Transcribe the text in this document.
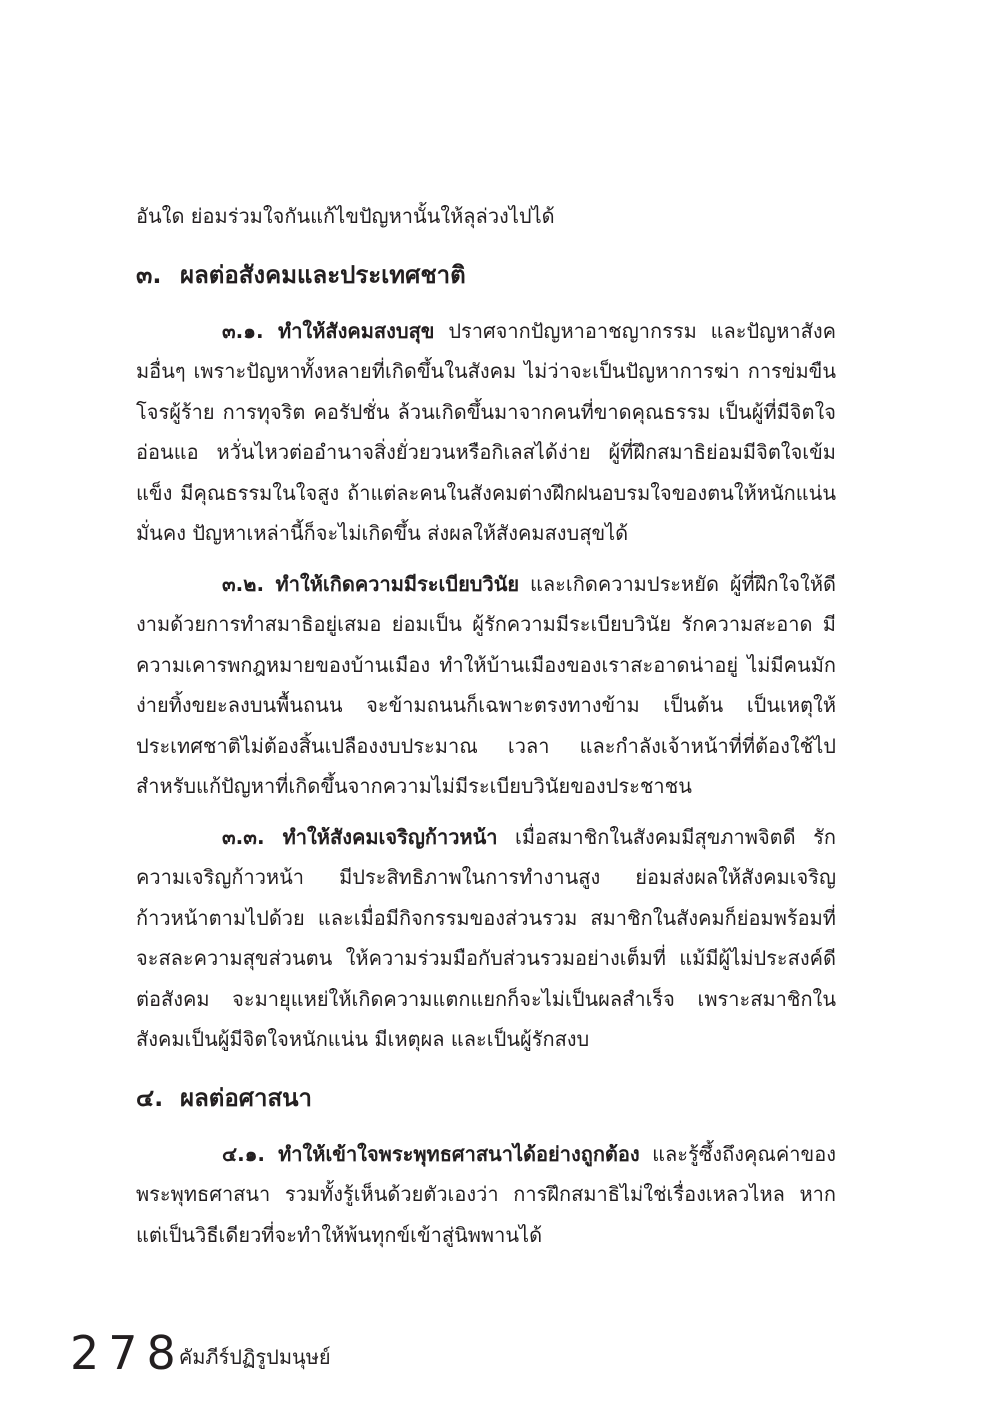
อันใด ย่อมร่วมใจกันแก้ไขปัญหานั้นให้ลุล่วงไปได้

๓. ผลต่อสังคมและประเทศชาติ

๓.๑. ทำให้สังคมสงบสุข ปราศจากปัญหาอาชญากรรม และปัญหาสังคมอื่นๆ เพราะปัญหาทั้งหลายที่เกิดขึ้นในสังคม ไม่ว่าจะเป็นปัญหาการฆ่า การข่มขืน โจรผู้ร้าย การทุจริต คอรัปชั่น ล้วนเกิดขึ้นมาจากคนที่ขาดคุณธรรม เป็นผู้ที่มีจิตใจอ่อนแอ หวั่นไหวต่ออำนาจสิ่งยั่วยวนหรือกิเลสได้ง่าย ผู้ที่ฝึกสมาธิย่อมมีจิตใจเข้มแข็ง มีคุณธรรมในใจสูง ถ้าแต่ละคนในสังคมต่างฝึกฝนอบรมใจของตนให้หนักแน่น มั่นคง ปัญหาเหล่านี้ก็จะไม่เกิดขึ้น ส่งผลให้สังคมสงบสุขได้

๓.๒. ทำให้เกิดความมีระเบียบวินัย และเกิดความประหยัด ผู้ที่ฝึกใจให้ดีงามด้วยการทำสมาธิอยู่เสมอ ย่อมเป็น ผู้รักความมีระเบียบวินัย รักความสะอาด มีความเคารพกฎหมายของบ้านเมือง ทำให้บ้านเมืองของเราสะอาดน่าอยู่ ไม่มีคนมักง่ายทิ้งขยะลงบนพื้นถนน จะข้ามถนนก็เฉพาะตรงทางข้าม เป็นต้น เป็นเหตุให้ประเทศชาติไม่ต้องสิ้นเปลืองงบประมาณ เวลา และกำลังเจ้าหน้าที่ที่ต้องใช้ไปสำหรับแก้ปัญหาที่เกิดขึ้นจากความไม่มีระเบียบวินัยของประชาชน

๓.๓. ทำให้สังคมเจริญก้าวหน้า เมื่อสมาชิกในสังคมมีสุขภาพจิตดี รักความเจริญก้าวหน้า มีประสิทธิภาพในการทำงานสูง ย่อมส่งผลให้สังคมเจริญก้าวหน้าตามไปด้วย และเมื่อมีกิจกรรมของส่วนรวม สมาชิกในสังคมก็ย่อมพร้อมที่จะสละความสุขส่วนตน ให้ความร่วมมือกับส่วนรวมอย่างเต็มที่ แม้มีผู้ไม่ประสงค์ดีต่อสังคม จะมายุแหย่ให้เกิดความแตกแยกก็จะไม่เป็นผลสำเร็จ เพราะสมาชิกในสังคมเป็นผู้มีจิตใจหนักแน่น มีเหตุผล และเป็นผู้รักสงบ

๔. ผลต่อศาสนา

๔.๑. ทำให้เข้าใจพระพุทธศาสนาได้อย่างถูกต้อง และรู้ซึ้งถึงคุณค่าของพระพุทธศาสนา รวมทั้งรู้เห็นด้วยตัวเองว่า การฝึกสมาธิไม่ใช่เรื่องเหลวไหล หากแต่เป็นวิธีเดียวที่จะทำให้พ้นทุกข์เข้าสู่นิพพานได้

278
คัมภีร์ปฏิรูปมนุษย์
